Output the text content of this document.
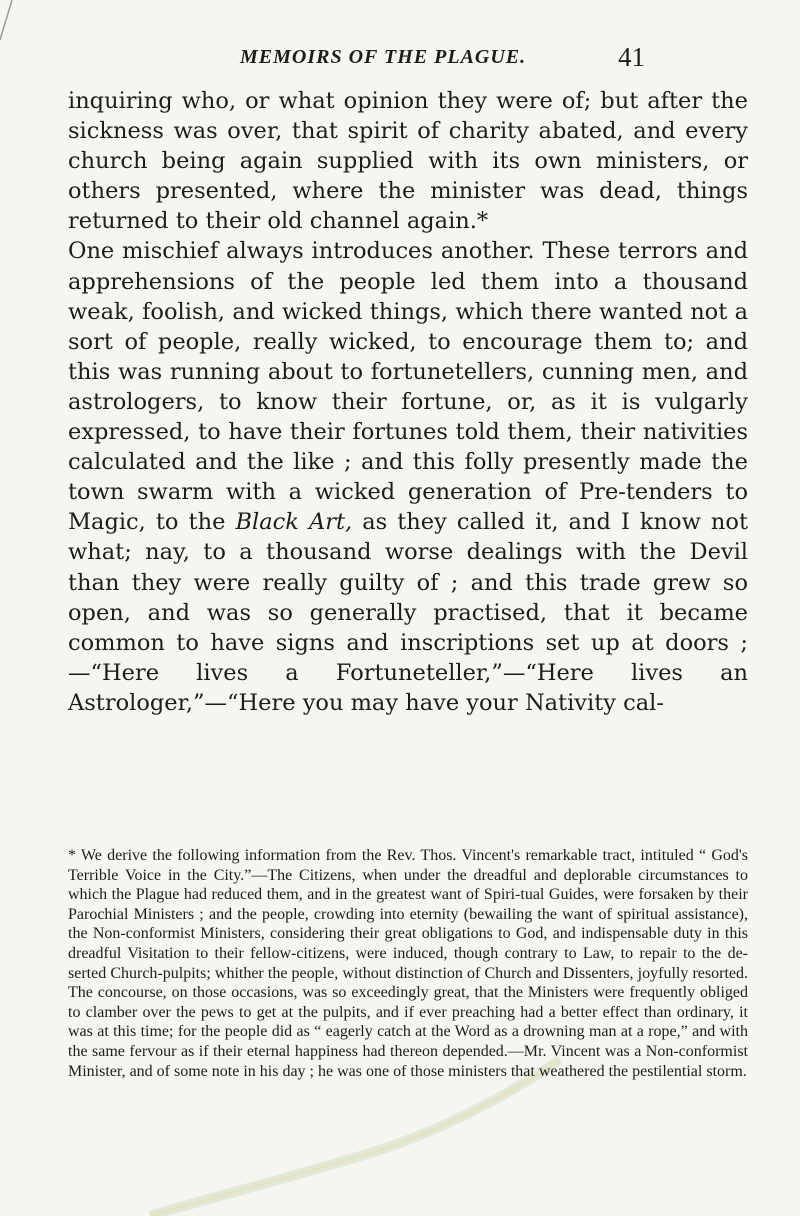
MEMOIRS OF THE PLAGUE.	41

inquiring who, or what opinion they were of; but after the sickness was over, that spirit of charity abated, and every church being again supplied with its own ministers, or others presented, where the minister was dead, things returned to their old channel again.*

One mischief always introduces another. These terrors and apprehensions of the people led them into a thousand weak, foolish, and wicked things, which there wanted not a sort of people, really wicked, to encourage them to; and this was running about to fortunetellers, cunning men, and astrologers, to know their fortune, or, as it is vulgarly expressed, to have their fortunes told them, their nativities calculated and the like ; and this folly presently made the town swarm with a wicked generation of Pre-tenders to Magic, to the Black Art, as they called it, and I know not what; nay, to a thousand worse dealings with the Devil than they were really guilty of ; and this trade grew so open, and was so generally practised, that it became common to have signs and inscriptions set up at doors ;—“Here lives a Fortuneteller,”—“Here lives an Astrologer,”—“Here you may have your Nativity cal-

* We derive the following information from the Rev. Thos. Vincent's remarkable tract, intituled “ God's Terrible Voice in the City.”—The Citizens, when under the dreadful and deplorable circumstances to which the Plague had reduced them, and in the greatest want of Spiri-tual Guides, were forsaken by their Parochial Ministers ; and the people, crowding into eternity (bewailing the want of spiritual assistance), the Non-conformist Ministers, considering their great obligations to God, and indispensable duty in this dreadful Visitation to their fellow-citizens, were induced, though contrary to Law, to repair to the de-serted Church-pulpits; whither the people, without distinction of Church and Dissenters, joyfully resorted. The concourse, on those occasions, was so exceedingly great, that the Ministers were frequently obliged to clamber over the pews to get at the pulpits, and if ever preaching had a better effect than ordinary, it was at this time; for the people did as “ eagerly catch at the Word as a drowning man at a rope,” and with the same fervour as if their eternal happiness had thereon depended.—Mr. Vincent was a Non-conformist Minister, and of some note in his day ; he was one of those ministers that weathered the pestilential storm.
